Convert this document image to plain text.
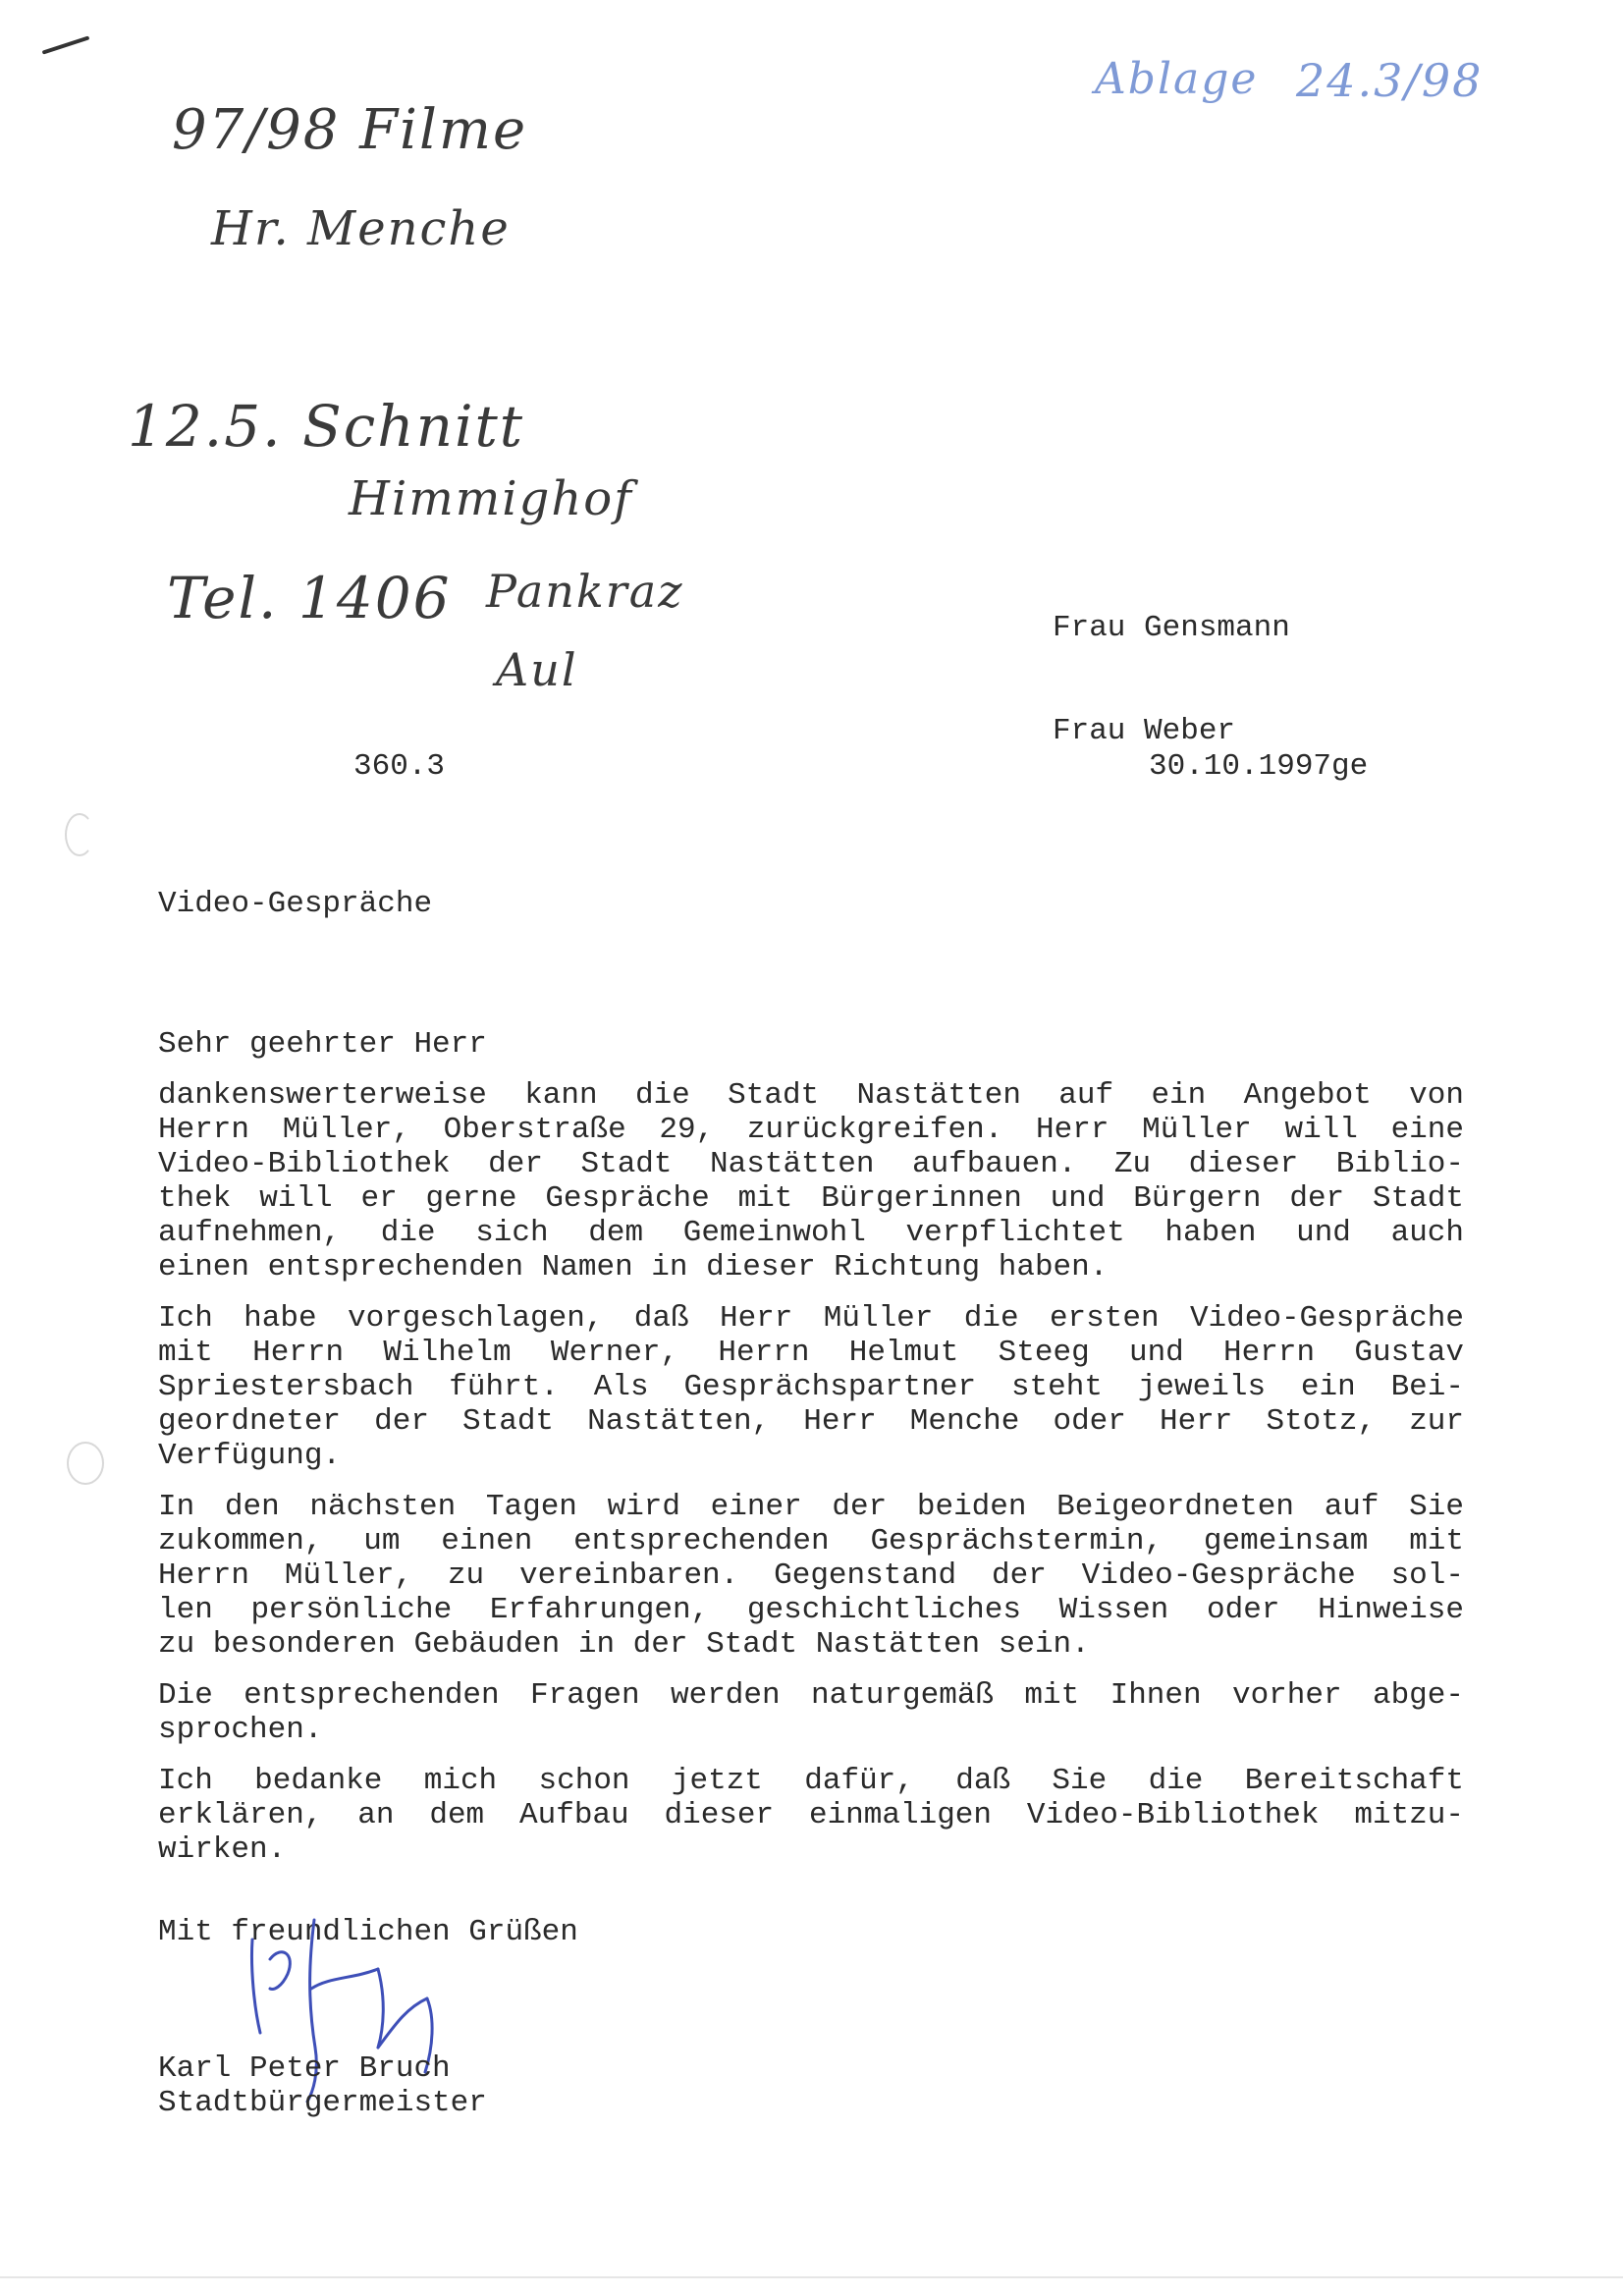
97/98 Filme
Hr. Menche
12.5. Schnitt
Himmighof
Tel. 1406 Pankraz
Aul
Ablage 24.3/98

Frau Gensmann

Frau Weber

360.3	30.10.1997ge
Video-Gespräche
Sehr geehrter Herr
dankenswerterweise kann die Stadt Nastätten auf ein Angebot von
Herrn Müller, Oberstraße 29, zurückgreifen. Herr Müller will eine
Video-Bibliothek der Stadt Nastätten aufbauen. Zu dieser Biblio-
thek will er gerne Gespräche mit Bürgerinnen und Bürgern der Stadt
aufnehmen, die sich dem Gemeinwohl verpflichtet haben und auch
einen entsprechenden Namen in dieser Richtung haben.
Ich habe vorgeschlagen, daß Herr Müller die ersten Video-Gespräche
mit Herrn Wilhelm Werner, Herrn Helmut Steeg und Herrn Gustav
Spriestersbach führt. Als Gesprächspartner steht jeweils ein Bei-
geordneter der Stadt Nastätten, Herr Menche oder Herr Stotz, zur
Verfügung.
In den nächsten Tagen wird einer der beiden Beigeordneten auf Sie
zukommen, um einen entsprechenden Gesprächstermin, gemeinsam mit
Herrn Müller, zu vereinbaren. Gegenstand der Video-Gespräche sol-
len persönliche Erfahrungen, geschichtliches Wissen oder Hinweise
zu besonderen Gebäuden in der Stadt Nastätten sein.
Die entsprechenden Fragen werden naturgemäß mit Ihnen vorher abge-
sprochen.
Ich bedanke mich schon jetzt dafür, daß Sie die Bereitschaft
erklären, an dem Aufbau dieser einmaligen Video-Bibliothek mitzu-
wirken.
Mit freundlichen Grüßen
Karl Peter Bruch
Stadtbürgermeister
